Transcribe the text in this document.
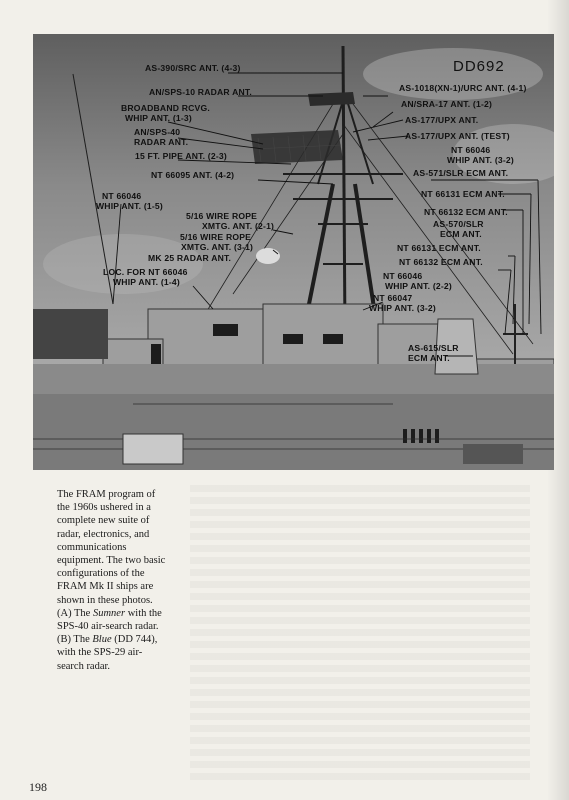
DD692
AS-390/SRC ANT. (4-3)
AN/SPS-10 RADAR ANT.
BROADBAND RCVG.
WHIP ANT. (1-3)
AN/SPS-40
RADAR ANT.
15 FT. PIPE ANT. (2-3)
NT 66095 ANT. (4-2)
NT 66046
WHIP ANT. (1-5)
5/16 WIRE ROPE
XMTG. ANT. (2-1)
5/16 WIRE ROPE
XMTG. ANT. (3-1)
MK 25 RADAR ANT.
LOC. FOR NT 66046
WHIP ANT. (1-4)
AS-1018(XN-1)/URC ANT. (4-1)
AN/SRA-17 ANT. (1-2)
AS-177/UPX ANT.
AS-177/UPX ANT. (TEST)
NT 66046
WHIP ANT. (3-2)
AS-571/SLR ECM ANT.
NT 66131 ECM ANT.
NT 66132 ECM ANT.
AS-570/SLR
ECM ANT.
NT 66131 ECM ANT.
NT 66132 ECM ANT.
NT 66046
WHIP ANT. (2-2)
NT 66047
WHIP ANT. (3-2)
AS-615/SLR
ECM ANT.

The FRAM program of the 1960s ushered in a complete new suite of radar, electronics, and communications equipment. The two basic configurations of the FRAM Mk II ships are shown in these photos.

(A) The Sumner with the SPS-40 air-search radar.

(B) The Blue (DD 744), with the SPS-29 air-search radar.

198
